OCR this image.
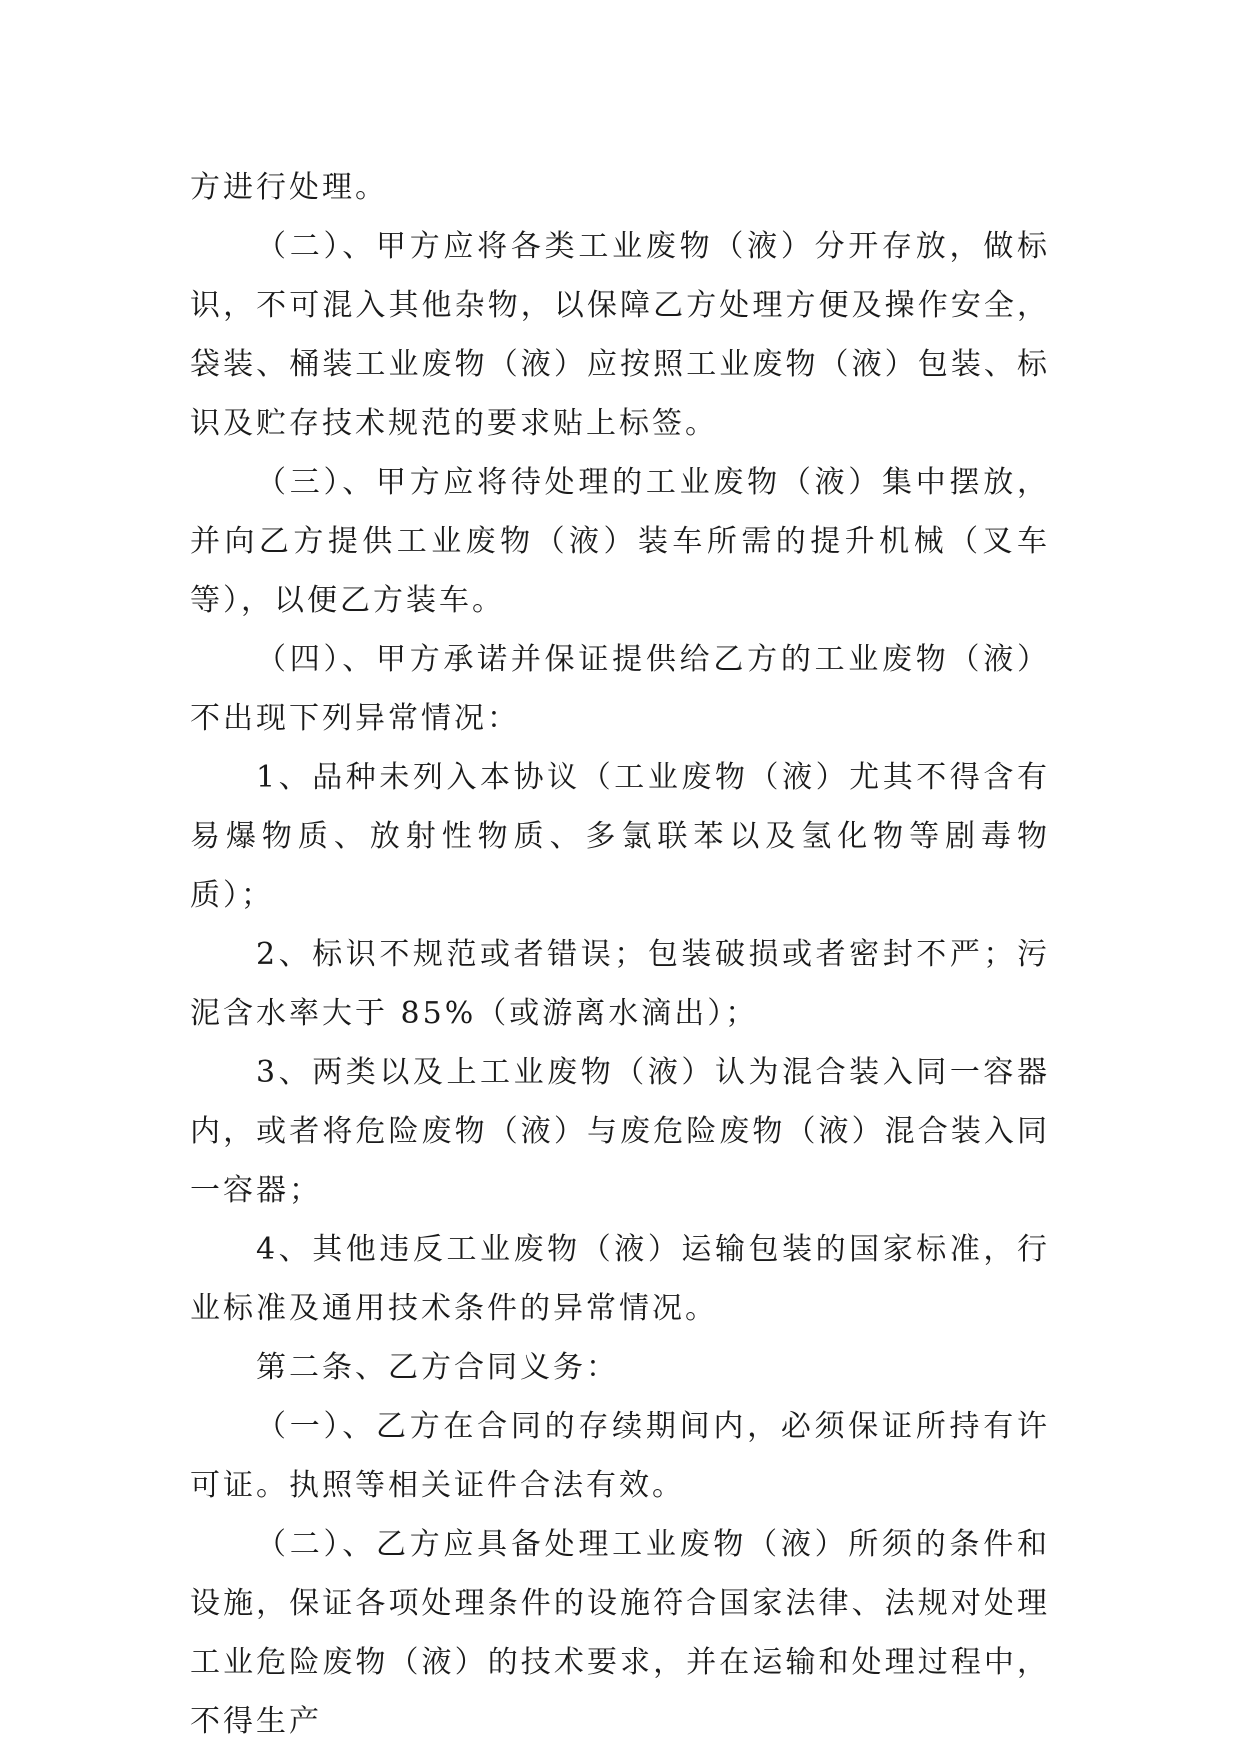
方进行处理。

（二）、甲方应将各类工业废物（液）分开存放，做标识，不可混入其他杂物，以保障乙方处理方便及操作安全，袋装、桶装工业废物（液）应按照工业废物（液）包装、标识及贮存技术规范的要求贴上标签。

（三）、甲方应将待处理的工业废物（液）集中摆放，并向乙方提供工业废物（液）装车所需的提升机械（叉车等），以便乙方装车。

（四）、甲方承诺并保证提供给乙方的工业废物（液）不出现下列异常情况：

1、品种未列入本协议（工业废物（液）尤其不得含有易爆物质、放射性物质、多氯联苯以及氢化物等剧毒物质）；

2、标识不规范或者错误；包装破损或者密封不严；污泥含水率大于 85%（或游离水滴出）；

3、两类以及上工业废物（液）认为混合装入同一容器内，或者将危险废物（液）与废危险废物（液）混合装入同一容器；

4、其他违反工业废物（液）运输包装的国家标准，行业标准及通用技术条件的异常情况。

第二条、乙方合同义务：

（一）、乙方在合同的存续期间内，必须保证所持有许可证。执照等相关证件合法有效。

（二）、乙方应具备处理工业废物（液）所须的条件和设施，保证各项处理条件的设施符合国家法律、法规对处理工业危险废物（液）的技术要求，并在运输和处理过程中，不得生产
